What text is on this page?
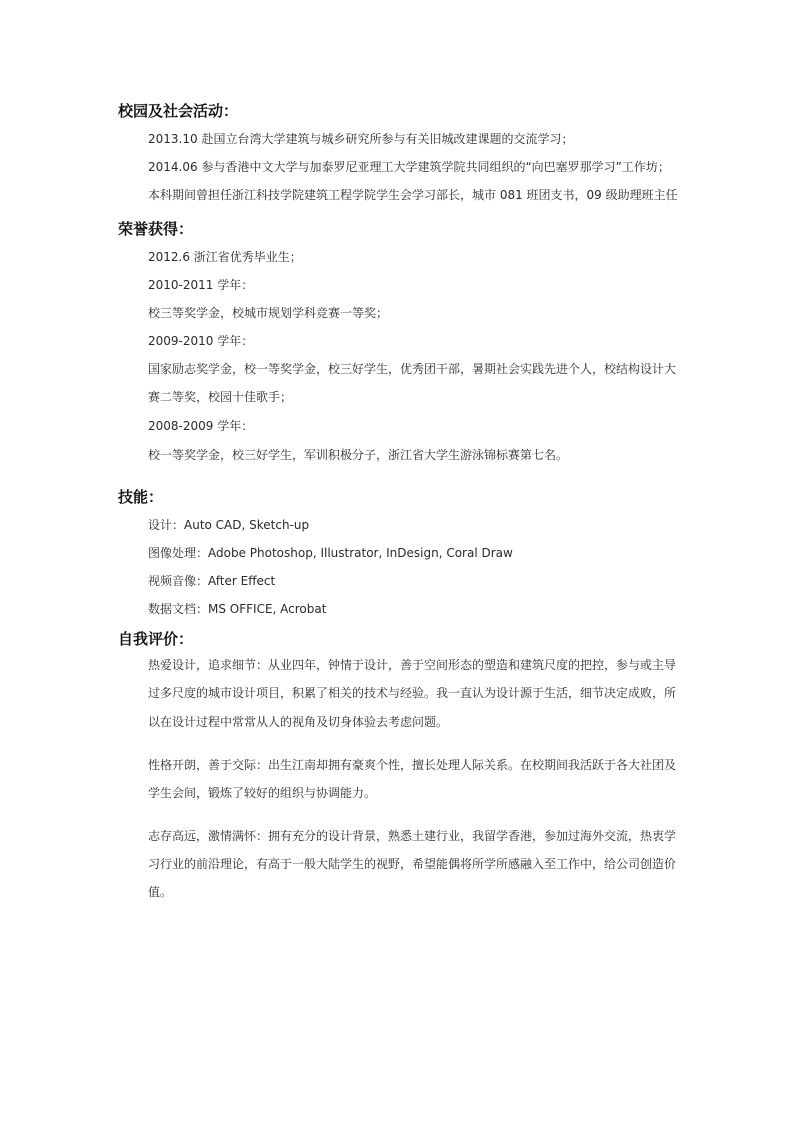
校园及社会活动：
2013.10 赴国立台湾大学建筑与城乡研究所参与有关旧城改建课题的交流学习；
2014.06 参与香港中文大学与加泰罗尼亚理工大学建筑学院共同组织的“向巴塞罗那学习”工作坊；
本科期间曾担任浙江科技学院建筑工程学院学生会学习部长，城市 081 班团支书，09 级助理班主任
荣誉获得：
2012.6 浙江省优秀毕业生；
2010-2011 学年：
校三等奖学金，校城市规划学科竞赛一等奖；
2009-2010 学年：
国家励志奖学金，校一等奖学金，校三好学生，优秀团干部，暑期社会实践先进个人，校结构设计大
赛二等奖，校园十佳歌手；
2008-2009 学年：
校一等奖学金，校三好学生，军训积极分子，浙江省大学生游泳锦标赛第七名。
技能：
设计：Auto CAD, Sketch-up
图像处理：Adobe Photoshop, Illustrator, InDesign, Coral Draw
视频音像：After Effect
数据文档：MS OFFICE, Acrobat
自我评价：
热爱设计，追求细节：从业四年，钟情于设计，善于空间形态的塑造和建筑尺度的把控，参与或主导
过多尺度的城市设计项目，积累了相关的技术与经验。我一直认为设计源于生活，细节决定成败，所
以在设计过程中常常从人的视角及切身体验去考虑问题。
性格开朗，善于交际：出生江南却拥有豪爽个性，擅长处理人际关系。在校期间我活跃于各大社团及
学生会间，锻炼了较好的组织与协调能力。
志存高远，激情满怀：拥有充分的设计背景，熟悉土建行业，我留学香港，参加过海外交流，热衷学
习行业的前沿理论，有高于一般大陆学生的视野，希望能偶将所学所感融入至工作中，给公司创造价
值。
